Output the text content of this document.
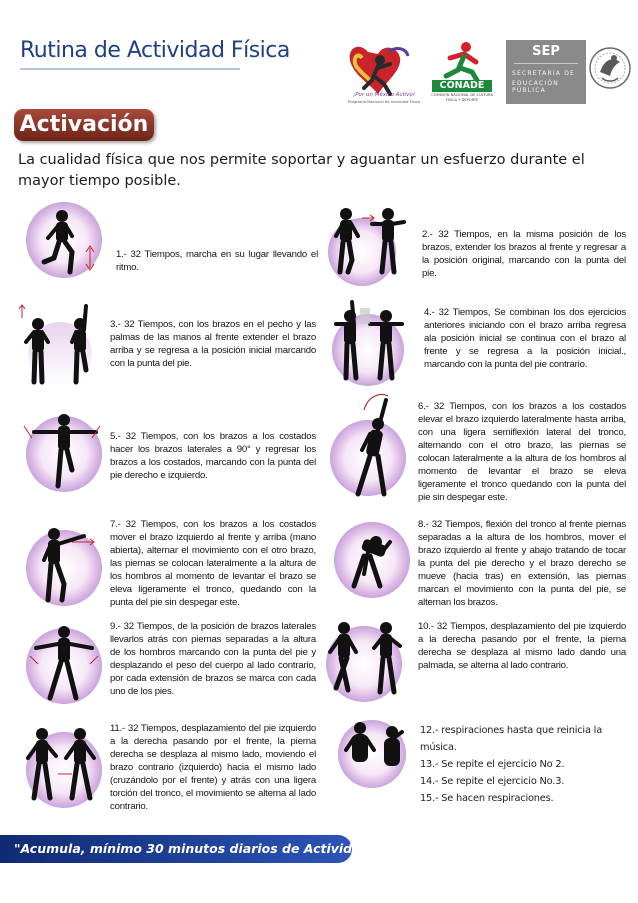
Rutina de Actividad Física
¡Por un México Activo!
Programa Nacional de Actividad Física
CONADE
COMISION NACIONAL DE CULTURA FISICA Y DEPORTE
SEP
SECRETARÍA DE
EDUCACIÓN PÚBLICA
Activación
La cualidad física que nos permite soportar y aguantar un esfuerzo durante el mayor tiempo posible.
1.- 32 Tiempos, marcha en su lugar llevando el ritmo.
2.- 32 Tiempos, en la misma posición de los brazos, extender los brazos al frente y regresar a la posición original, marcando con la punta del pie.
3.- 32 Tiempos, con los brazos en el pecho y las palmas de las manos al frente extender el brazo arriba y se regresa a la posición inicial marcando con la punta del pie.
4.- 32 Tiempos, Se combinan los dos ejercicios anteriores iniciando con el brazo arriba regresa ala posición inicial se continua con el brazo al frente y se regresa a la posición inicial., marcando con la punta del pie contrario.
5.- 32 Tiempos, con los brazos a los costados hacer los brazos laterales a 90° y regresar los brazos a los costados, marcando con la punta del pie derecho e izquierdo.
6.- 32 Tiempos, con los brazos a los costados elevar el brazo izquierdo lateralmente hasta arriba, con una ligera semiflexión lateral del tronco, alternando con el otro brazo, las piernas se colocan lateralmente a la altura de los hombros al momento de levantar el brazo se eleva ligeramente el tronco quedando con la punta del pie sin despegar este.
7.- 32 Tiempos, con los brazos a los costados mover el brazo izquierdo al frente y arriba (mano abierta), alternar el movimiento con el otro brazo, las piernas se colocan lateralmente a la altura de los hombros al momento de levantar el brazo se eleva ligeramente el tronco, quedando con la punta del pie sin despegar este.
8.- 32 Tiempos, flexión del tronco al frente piernas separadas a la altura de los hombros, mover el brazo izquierdo al frente y abajo tratando de tocar la punta del pie derecho y el brazo derecho se mueve (hacia tras) en extensión, las piernas marcan el movimiento con la punta del pie, se alternan los brazos.
9.- 32 Tiempos, de la posición de brazos laterales llevarlos atrás con piernas separadas a la altura de los hombros marcando con la punta del pie y desplazando el peso del cuerpo al lado contrario, por cada extensión de brazos se marca con cada uno de los pies.
10.- 32 Tiempos, desplazamiento del pie izquierdo a la derecha pasando por el frente, la pierna derecha se desplaza al mismo lado dando una palmada, se alterna al lado contrario.
11.- 32 Tiempos, desplazamiento del pie izquierdo a la derecha pasando por el frente, la pierna derecha se desplaza al mismo lado, moviendo el brazo contrario (izquierdo) hacia el mismo lado (cruzándolo por el frente) y atrás con una ligera torción del tronco, el movimiento se alterna al lado contrario.
12.- respiraciones hasta que reinicia la música.
13.- Se repite el ejercicio No 2.
14.- Se repite el ejercicio No.3.
15.- Se hacen respiraciones.
"Acumula, mínimo 30 minutos diarios de Actividad Física"
